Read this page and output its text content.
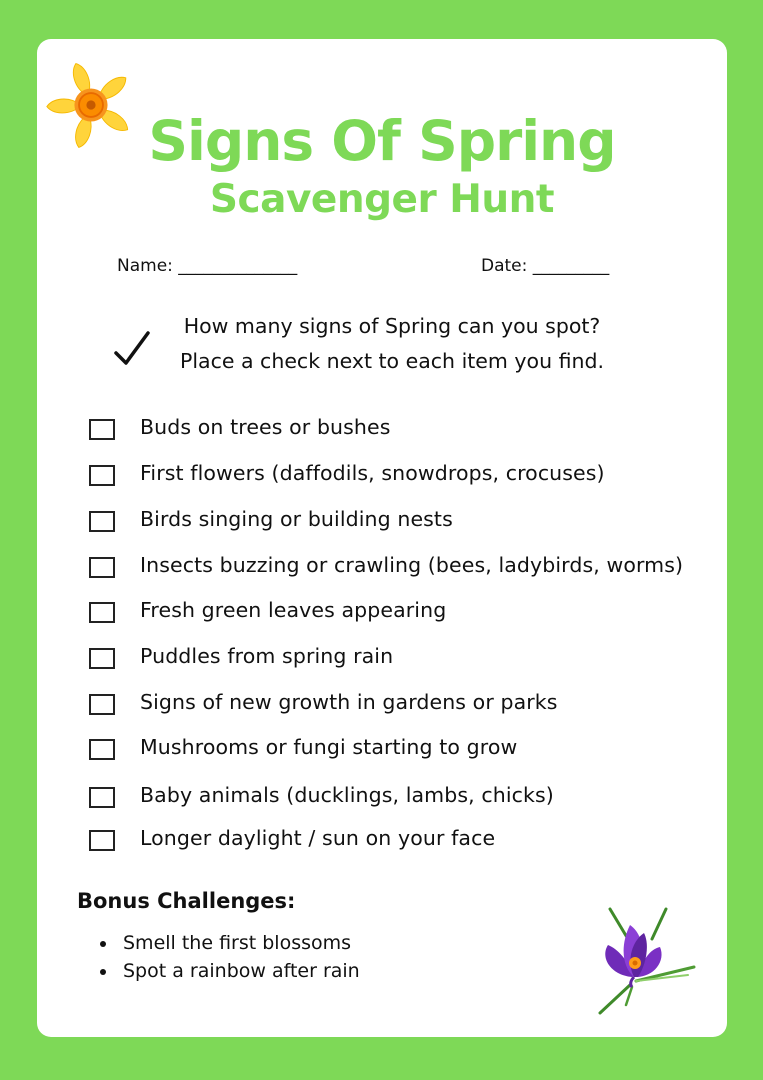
Signs Of Spring
Scavenger Hunt
Name: ______________	Date: _________
How many signs of Spring can you spot?
Place a check next to each item you find.
Buds on trees or bushes
First flowers (daffodils, snowdrops, crocuses)
Birds singing or building nests
Insects buzzing or crawling (bees, ladybirds, worms)
Fresh green leaves appearing
Puddles from spring rain
Signs of new growth in gardens or parks
Mushrooms or fungi starting to grow
Baby animals (ducklings, lambs, chicks)
Longer daylight / sun on your face
Bonus Challenges:
Smell the first blossoms
Spot a rainbow after rain
